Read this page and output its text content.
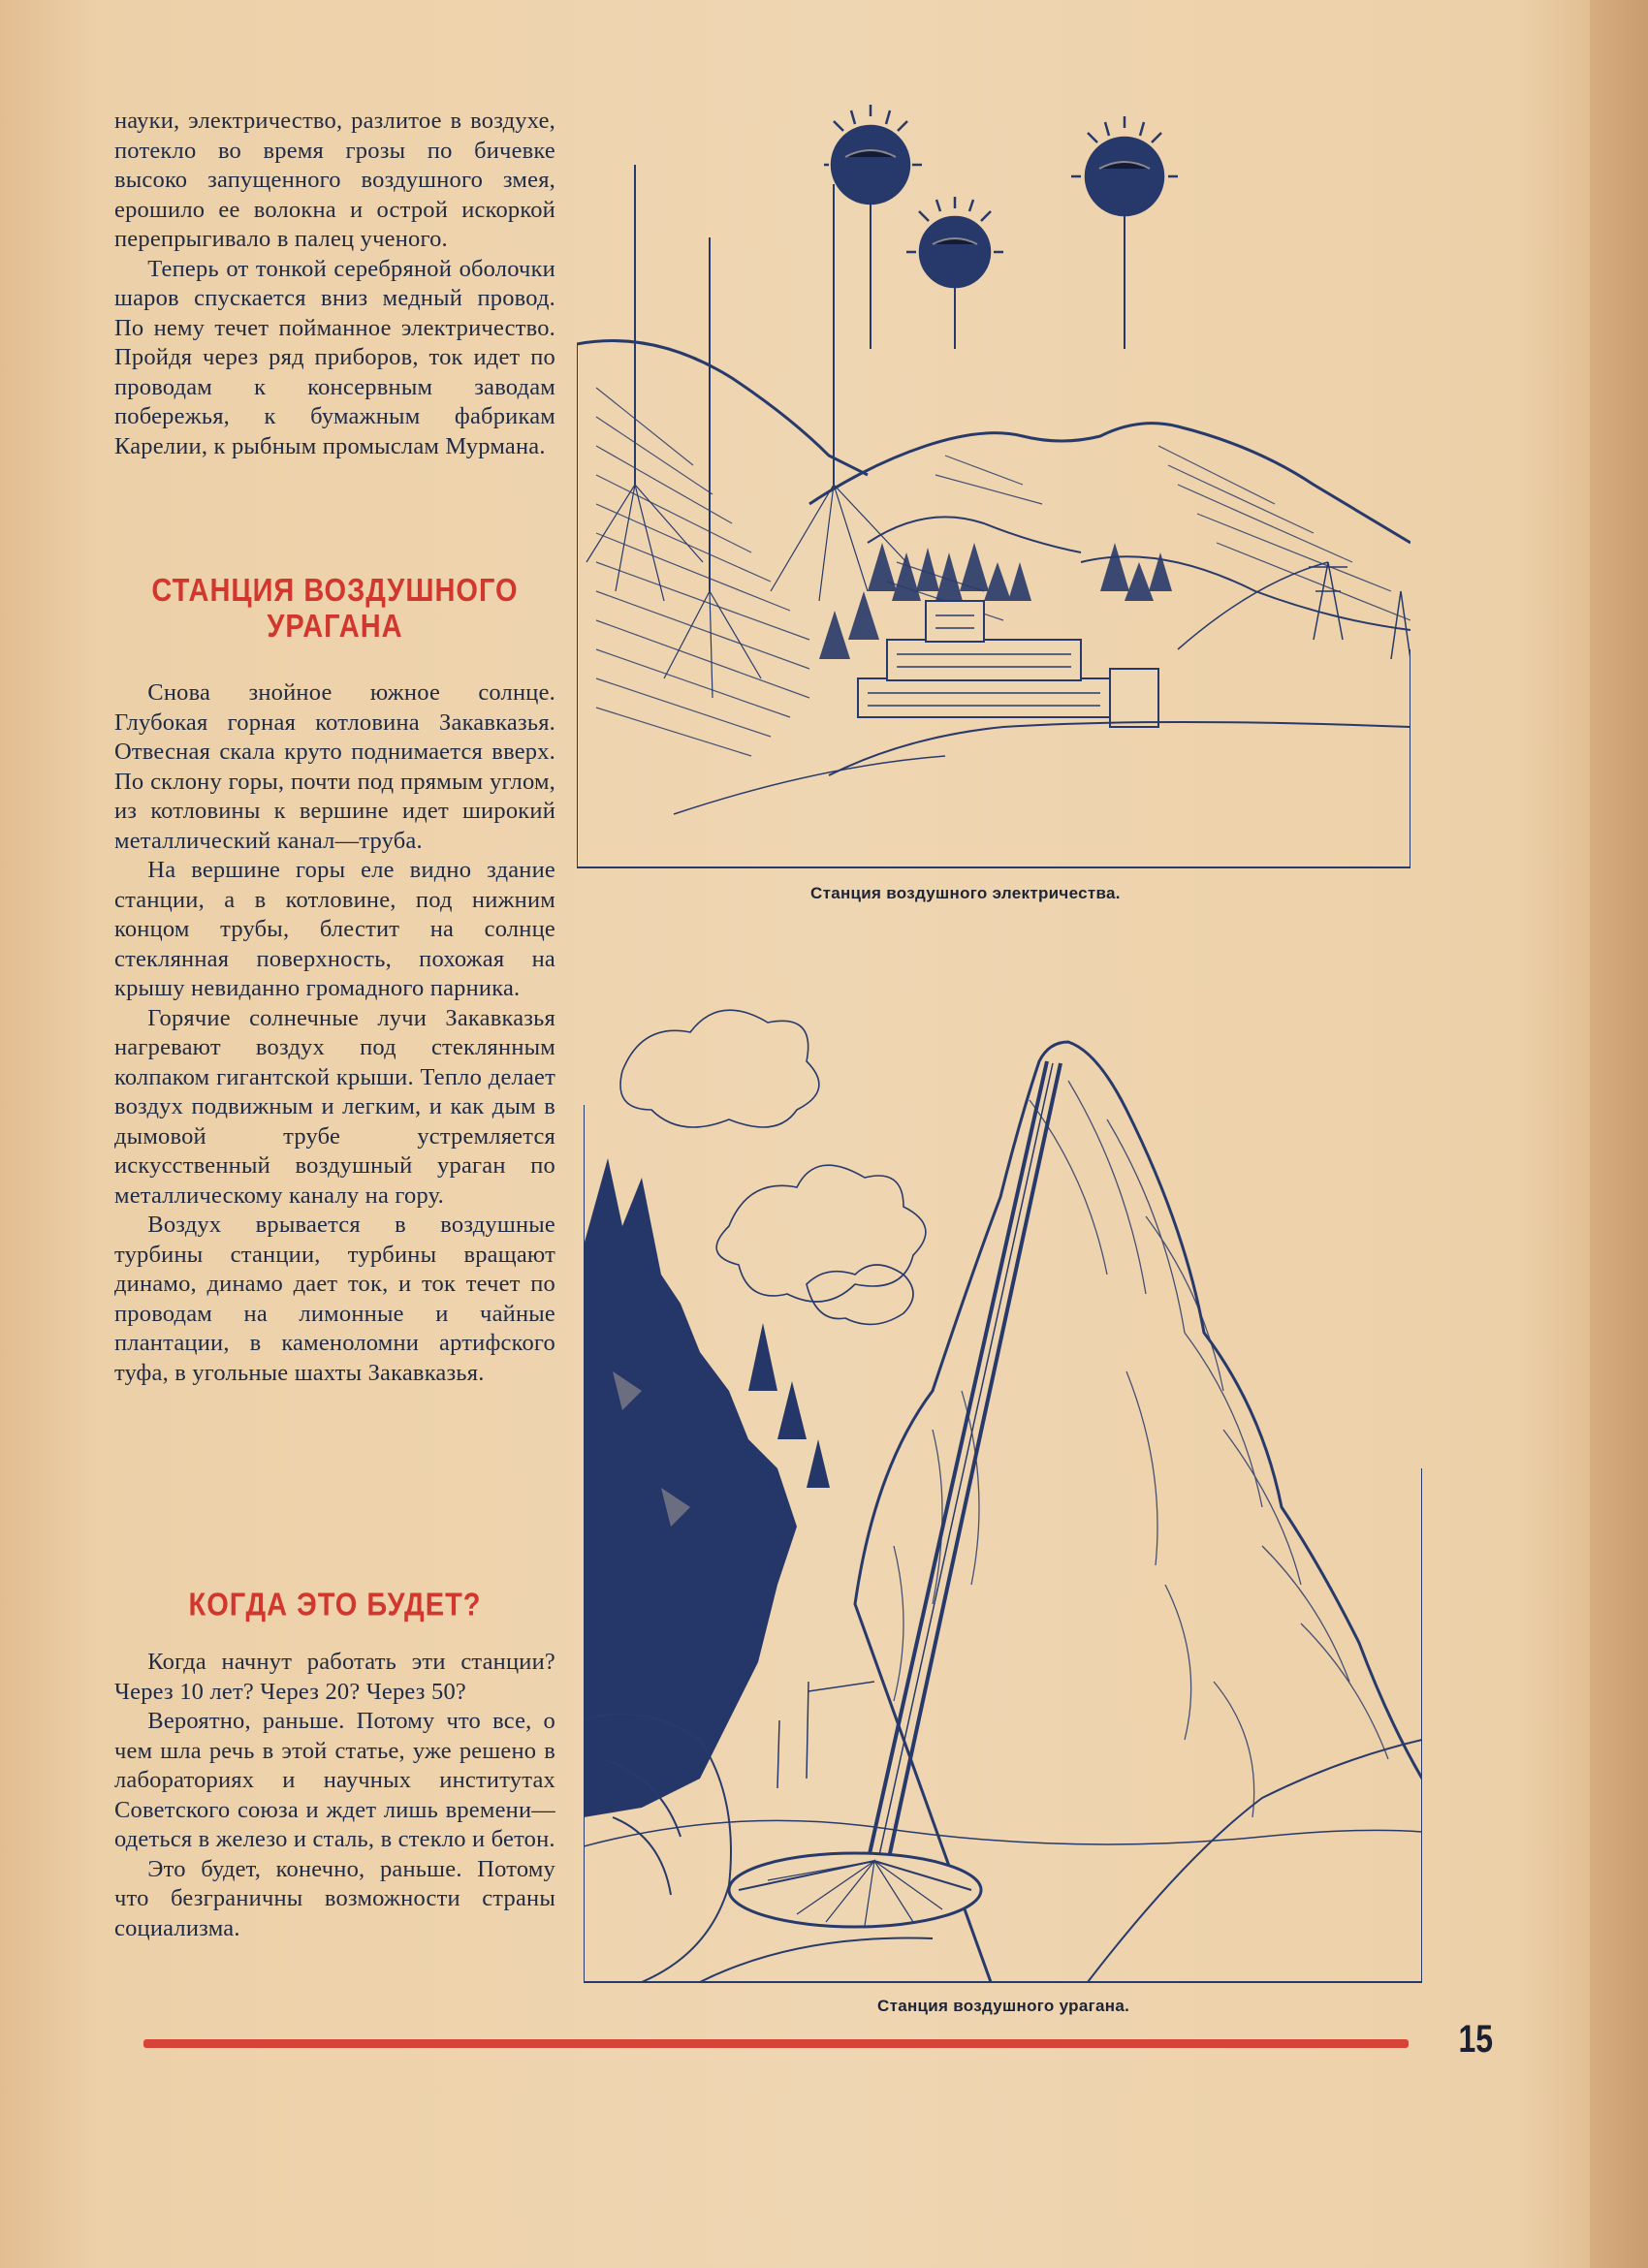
науки, электричество, разлитое в воздухе, потекло во время грозы по бичевке высоко запущенного воздушного змея, ерошило ее волокна и острой искоркой перепрыгивало в палец ученого.

Теперь от тонкой серебряной оболочки шаров спускается вниз медный провод. По нему течет пойманное электричество. Пройдя через ряд приборов, ток идет по проводам к консервным заводам побережья, к бумажным фабрикам Карелии, к рыбным промыслам Мурмана.

СТАНЦИЯ ВОЗДУШНОГО УРАГАНА

Снова знойное южное солнце. Глубокая горная котловина Закавказья. Отвесная скала круто поднимается вверх. По склону горы, почти под прямым углом, из котловины к вершине идет широкий металлический канал—труба.

На вершине горы еле видно здание станции, а в котловине, под нижним концом трубы, блестит на солнце стеклянная поверхность, похожая на крышу невиданно громадного парника.

Горячие солнечные лучи Закавказья нагревают воздух под стеклянным колпаком гигантской крыши. Тепло делает воздух подвижным и легким, и как дым в дымовой трубе устремляется искусственный воздушный ураган по металлическому каналу на гору.

Воздух врывается в воздушные турбины станции, турбины вращают динамо, динамо дает ток, и ток течет по проводам на лимонные и чайные плантации, в каменоломни артифского туфа, в угольные шахты Закавказья.

КОГДА ЭТО БУДЕТ?

Когда начнут работать эти станции? Через 10 лет? Через 20? Через 50?

Вероятно, раньше. Потому что все, о чем шла речь в этой статье, уже решено в лабораториях и научных институтах Советского союза и ждет лишь времени—одеться в железо и сталь, в стекло и бетон.

Это будет, конечно, раньше. Потому что безграничны возможности страны социализма.

Станция воздушного электричества.
Станция воздушного урагана.
15
